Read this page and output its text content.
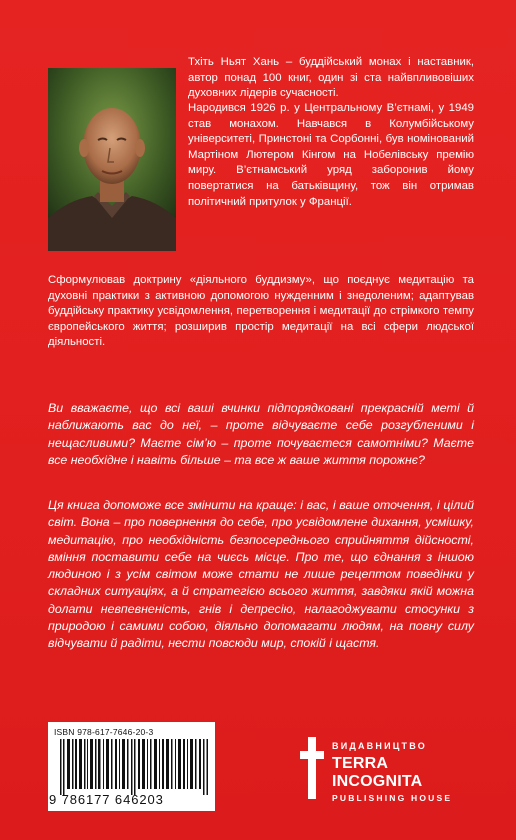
Тхіть Ньят Хань – буддійський монах і наставник, автор понад 100 книг, один зі ста найвпливовіших духовних лідерів сучасності.

Народився 1926 р. у Центральному В’єтнамі, у 1949 став монахом. Навчався в Колумбійському університеті, Принстоні та Сорбонні, був номінований Мартіном Лютером Кінгом на Нобелівську премію миру. В’єтнамський уряд заборонив йому повертатися на батьківщину, тож він отримав політичний притулок у Франції.

Сформулював доктрину «діяльного буддизму», що поєднує медитацію та духовні практики з активною допомогою нужденним і знедоленим; адаптував буддійську практику усвідомлення, перетворення і медитації до стрімкого темпу європейського життя; розширив простір медитації на всі сфери людської діяльності.

Ви вважаєте, що всі ваші вчинки підпорядковані прекрасній меті й наближають вас до неї, – проте відчуваєте себе розгубленими і нещасливими? Маєте сім’ю – проте почуваєтеся самотніми? Маєте все необхідне і навіть більше – та все ж ваше життя порожнє?

Ця книга допоможе все змінити на краще: і вас, і ваше оточення, і цілий світ. Вона – про повернення до себе, про усвідомлене дихання, усмішку, медитацію, про необхідність безпосереднього сприйняття дійсності, вміння поставити себе на чиєсь місце. Про те, що єднання з іншою людиною і з усім світом може стати не лише рецептом поведінки у складних ситуаціях, а й стратегією всього життя, завдяки якій можна долати невпевненість, гнів і депресію, налагоджувати стосунки з природою і самими собою, діяльно допомагати людям, на повну силу відчувати й радіти, нести повсюди мир, спокій і щастя.

ISBN 978-617-7646-20-3
9 786177 646203
ВИДАВНИЦТВО
TERRA INCOGNITA
PUBLISHING HOUSE
